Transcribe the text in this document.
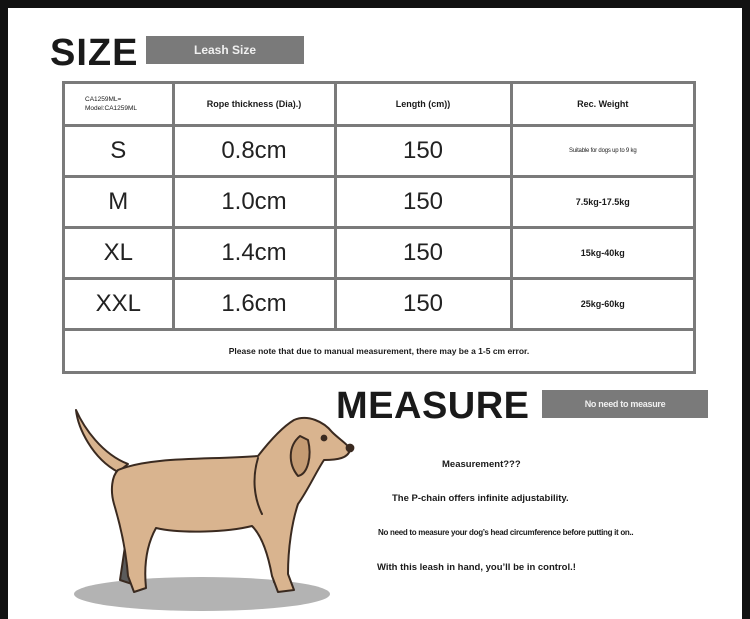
SIZE	Leash Size
CA1259ML=
Model:CA1259ML	Rope thickness (Dia).)	Length (cm))	Rec. Weight
S	0.8cm	150	Suitable for dogs up to 9 kg
M	1.0cm	150	7.5kg-17.5kg
XL	1.4cm	150	15kg-40kg
XXL	1.6cm	150	25kg-60kg
Please note that due to manual measurement, there may be a 1-5 cm error.			
MEASURE	No need to measure
Measurement???
The P-chain offers infinite adjustability.
No need to measure your dog’s head circumference before putting it on..
With this leash in hand, you’ll be in control.!
